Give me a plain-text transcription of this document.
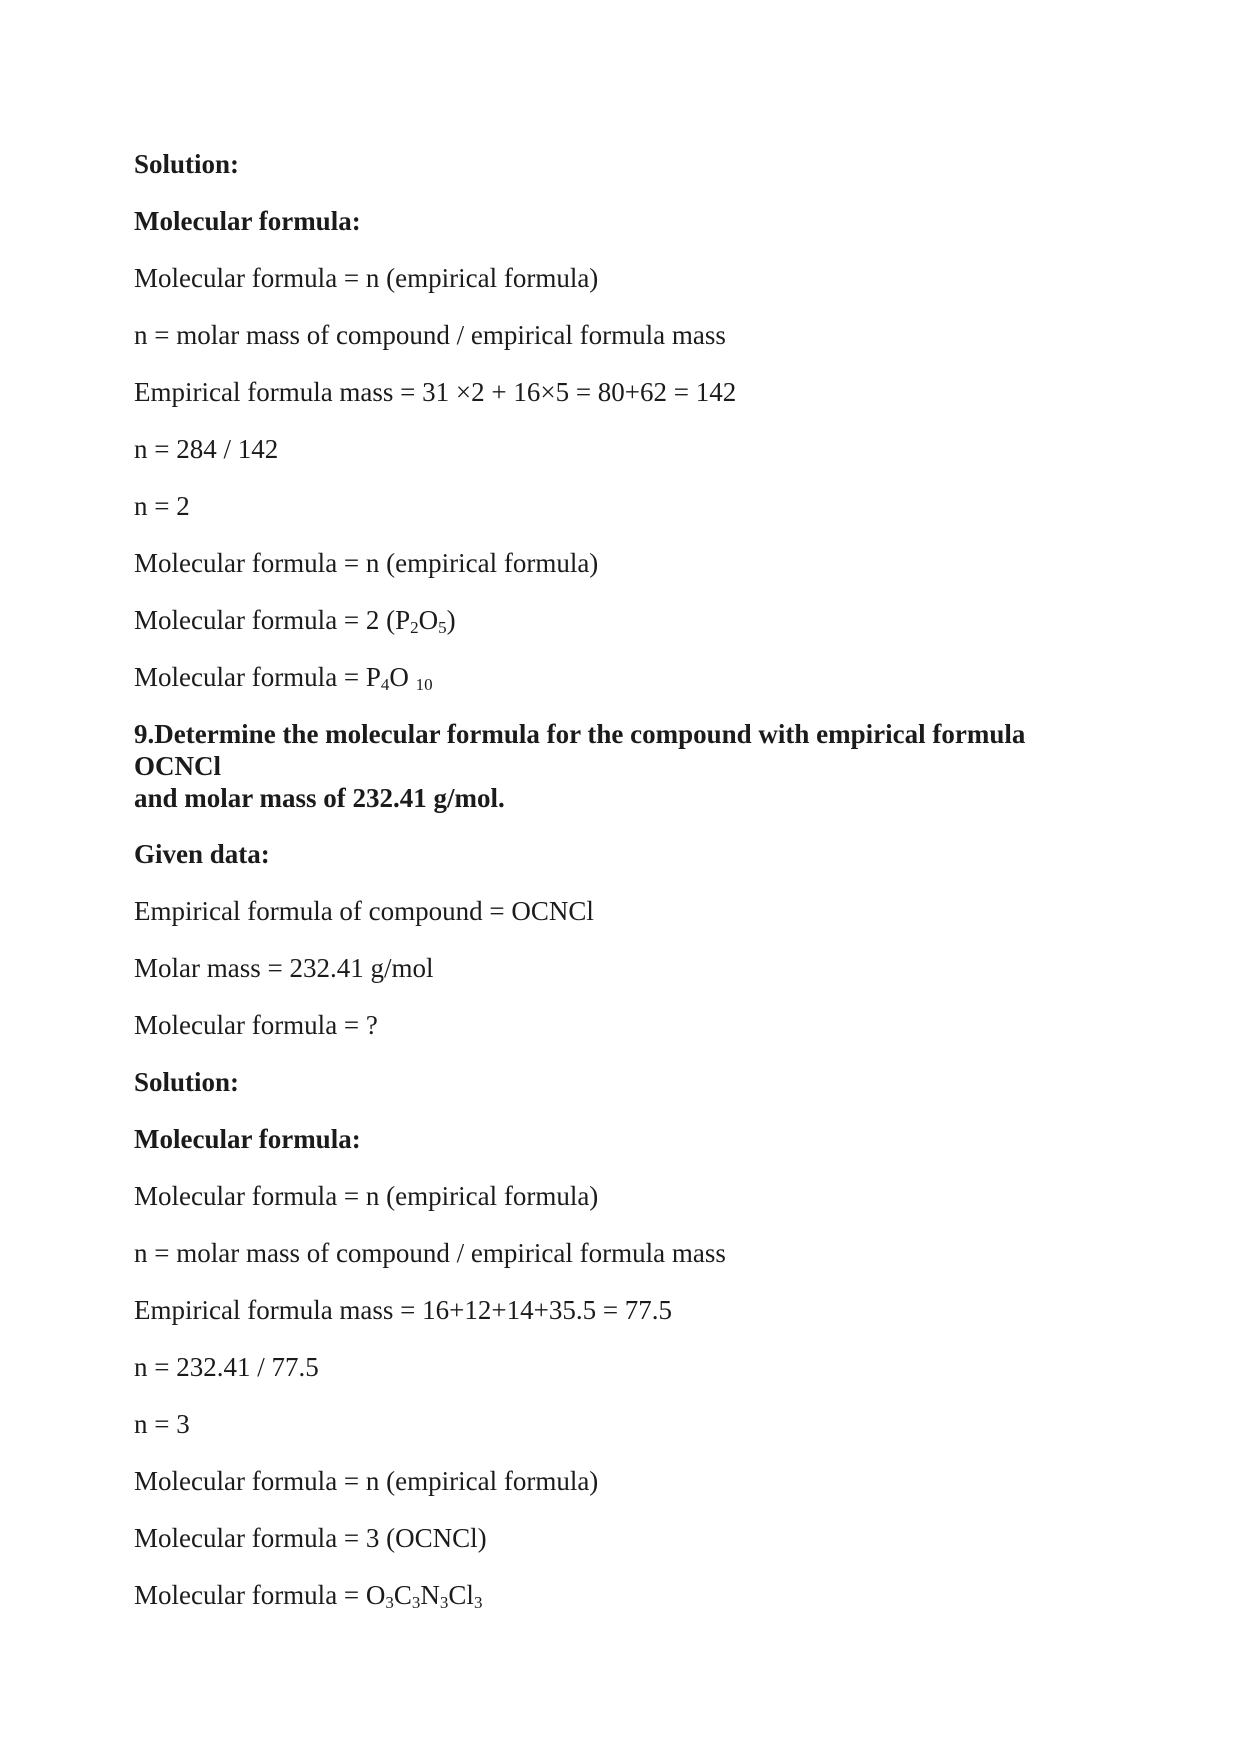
Solution:

Molecular formula:

Molecular formula = n (empirical formula)

n = molar mass of compound / empirical formula mass

Empirical formula mass = 31 ×2 + 16×5 = 80+62 = 142

n = 284 / 142

n = 2

Molecular formula = n (empirical formula)

Molecular formula = 2 $(P_2O_5)$

Molecular formula = $P_4O$ $_{10}$

9.Determine the molecular formula for the compound with empirical formula OCNCl
and molar mass of 232.41 g/mol.

Given data:

Empirical formula of compound = OCNCl

Molar mass = 232.41 g/mol

Molecular formula = ?

Solution:

Molecular formula:

Molecular formula = n (empirical formula)

n = molar mass of compound / empirical formula mass

Empirical formula mass = 16+12+14+35.5 = 77.5

n = 232.41 / 77.5

n = 3

Molecular formula = n (empirical formula)

Molecular formula = 3 (OCNCl)

Molecular formula = $O_3C_3N_3Cl_3$
